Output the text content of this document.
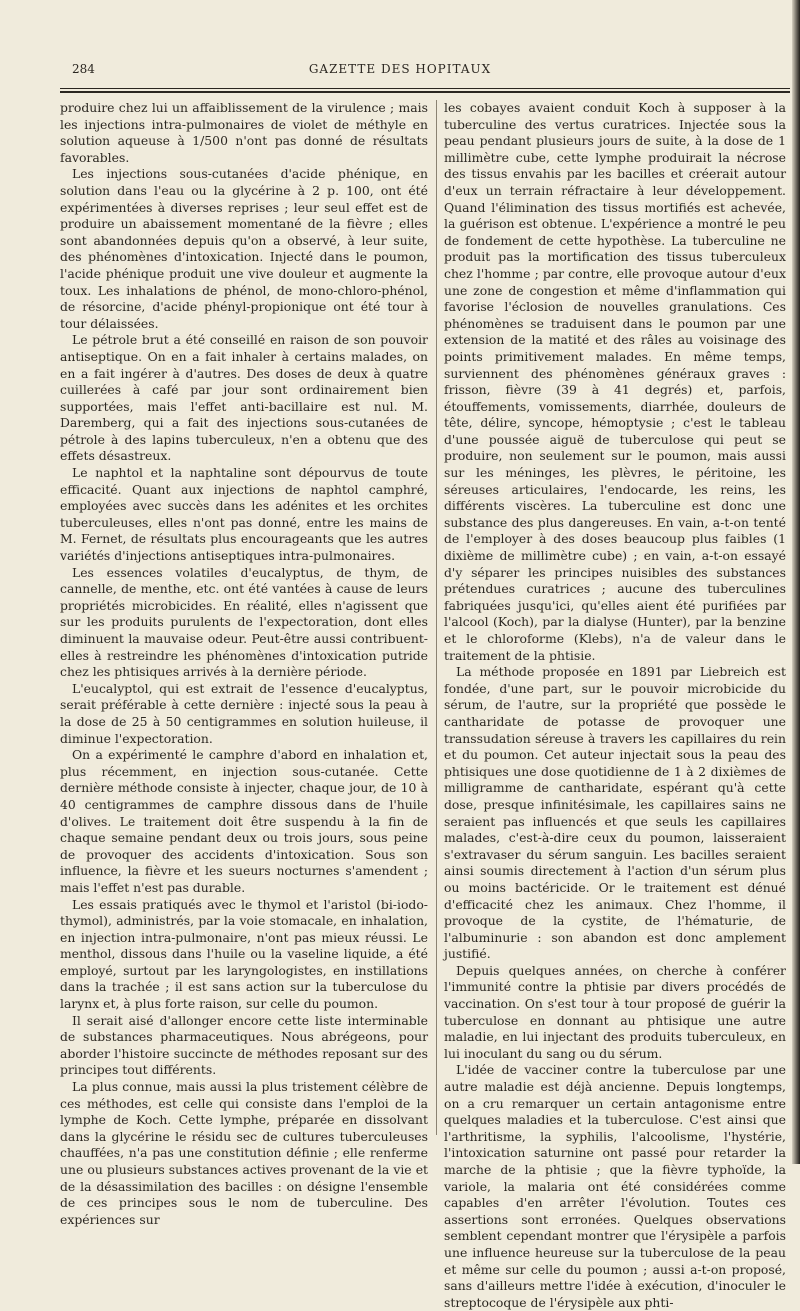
284	GAZETTE DES HOPITAUX

produire chez lui un affaiblissement de la virulence ; mais les injections intra-pulmonaires de violet de méthyle en solution aqueuse à 1/500 n'ont pas donné de résultats favorables.

Les injections sous-cutanées d'acide phénique, en solution dans l'eau ou la glycérine à 2 p. 100, ont été expérimentées à diverses reprises ; leur seul effet est de produire un abaissement momentané de la fièvre ; elles sont abandonnées depuis qu'on a observé, à leur suite, des phénomènes d'intoxication. Injecté dans le poumon, l'acide phénique produit une vive douleur et augmente la toux. Les inhalations de phénol, de mono-chloro-phénol, de résorcine, d'acide phényl-propionique ont été tour à tour délaissées.

Le pétrole brut a été conseillé en raison de son pouvoir antiseptique. On en a fait inhaler à certains malades, on en a fait ingérer à d'autres. Des doses de deux à quatre cuillerées à café par jour sont ordinairement bien supportées, mais l'effet anti-bacillaire est nul. M. Daremberg, qui a fait des injections sous-cutanées de pétrole à des lapins tuberculeux, n'en a obtenu que des effets désastreux.

Le naphtol et la naphtaline sont dépourvus de toute efficacité. Quant aux injections de naphtol camphré, employées avec succès dans les adénites et les orchites tuberculeuses, elles n'ont pas donné, entre les mains de M. Fernet, de résultats plus encourageants que les autres variétés d'injections antiseptiques intra-pulmonaires.

Les essences volatiles d'eucalyptus, de thym, de cannelle, de menthe, etc. ont été vantées à cause de leurs propriétés microbicides. En réalité, elles n'agissent que sur les produits purulents de l'expectoration, dont elles diminuent la mauvaise odeur. Peut-être aussi contribuent-elles à restreindre les phénomènes d'intoxication putride chez les phtisiques arrivés à la dernière période.

L'eucalyptol, qui est extrait de l'essence d'eucalyptus, serait préférable à cette dernière : injecté sous la peau à la dose de 25 à 50 centigrammes en solution huileuse, il diminue l'expectoration.

On a expérimenté le camphre d'abord en inhalation et, plus récemment, en injection sous-cutanée. Cette dernière méthode consiste à injecter, chaque jour, de 10 à 40 centigrammes de camphre dissous dans de l'huile d'olives. Le traitement doit être suspendu à la fin de chaque semaine pendant deux ou trois jours, sous peine de provoquer des accidents d'intoxication. Sous son influence, la fièvre et les sueurs nocturnes s'amendent ; mais l'effet n'est pas durable.

Les essais pratiqués avec le thymol et l'aristol (bi-iodo-thymol), administrés, par la voie stomacale, en inhalation, en injection intra-pulmonaire, n'ont pas mieux réussi. Le menthol, dissous dans l'huile ou la vaseline liquide, a été employé, surtout par les laryngologistes, en instillations dans la trachée ; il est sans action sur la tuberculose du larynx et, à plus forte raison, sur celle du poumon.

Il serait aisé d'allonger encore cette liste interminable de substances pharmaceutiques. Nous abrégeons, pour aborder l'histoire succincte de méthodes reposant sur des principes tout différents.

La plus connue, mais aussi la plus tristement célèbre de ces méthodes, est celle qui consiste dans l'emploi de la lymphe de Koch. Cette lymphe, préparée en dissolvant dans la glycérine le résidu sec de cultures tuberculeuses chauffées, n'a pas une constitution définie ; elle renferme une ou plusieurs substances actives provenant de la vie et de la désassimilation des bacilles : on désigne l'ensemble de ces principes sous le nom de tuberculine. Des expériences sur

les cobayes avaient conduit Koch à supposer à la tuberculine des vertus curatrices. Injectée sous la peau pendant plusieurs jours de suite, à la dose de 1 millimètre cube, cette lymphe produirait la nécrose des tissus envahis par les bacilles et créerait autour d'eux un terrain réfractaire à leur développement. Quand l'élimination des tissus mortifiés est achevée, la guérison est obtenue. L'expérience a montré le peu de fondement de cette hypothèse. La tuberculine ne produit pas la mortification des tissus tuberculeux chez l'homme ; par contre, elle provoque autour d'eux une zone de congestion et même d'inflammation qui favorise l'éclosion de nouvelles granulations. Ces phénomènes se traduisent dans le poumon par une extension de la matité et des râles au voisinage des points primitivement malades. En même temps, surviennent des phénomènes généraux graves : frisson, fièvre (39 à 41 degrés) et, parfois, étouffements, vomissements, diarrhée, douleurs de tête, délire, syncope, hémoptysie ; c'est le tableau d'une poussée aiguë de tuberculose qui peut se produire, non seulement sur le poumon, mais aussi sur les méninges, les plèvres, le péritoine, les séreuses articulaires, l'endocarde, les reins, les différents viscères. La tuberculine est donc une substance des plus dangereuses. En vain, a-t-on tenté de l'employer à des doses beaucoup plus faibles (1 dixième de millimètre cube) ; en vain, a-t-on essayé d'y séparer les principes nuisibles des substances prétendues curatrices ; aucune des tuberculines fabriquées jusqu'ici, qu'elles aient été purifiées par l'alcool (Koch), par la dialyse (Hunter), par la benzine et le chloroforme (Klebs), n'a de valeur dans le traitement de la phtisie.

La méthode proposée en 1891 par Liebreich est fondée, d'une part, sur le pouvoir microbicide du sérum, de l'autre, sur la propriété que possède le cantharidate de potasse de provoquer une transsudation séreuse à travers les capillaires du rein et du poumon. Cet auteur injectait sous la peau des phtisiques une dose quotidienne de 1 à 2 dixièmes de milligramme de cantharidate, espérant qu'à cette dose, presque infinitésimale, les capillaires sains ne seraient pas influencés et que seuls les capillaires malades, c'est-à-dire ceux du poumon, laisseraient s'extravaser du sérum sanguin. Les bacilles seraient ainsi soumis directement à l'action d'un sérum plus ou moins bactéricide. Or le traitement est dénué d'efficacité chez les animaux. Chez l'homme, il provoque de la cystite, de l'hématurie, de l'albuminurie : son abandon est donc amplement justifié.

Depuis quelques années, on cherche à conférer l'immunité contre la phtisie par divers procédés de vaccination. On s'est tour à tour proposé de guérir la tuberculose en donnant au phtisique une autre maladie, en lui injectant des produits tuberculeux, en lui inoculant du sang ou du sérum.

L'idée de vacciner contre la tuberculose par une autre maladie est déjà ancienne. Depuis longtemps, on a cru remarquer un certain antagonisme entre quelques maladies et la tuberculose. C'est ainsi que l'arthritisme, la syphilis, l'alcoolisme, l'hystérie, l'intoxication saturnine ont passé pour retarder la marche de la phtisie ; que la fièvre typhoïde, la variole, la malaria ont été considérées comme capables d'en arrêter l'évolution. Toutes ces assertions sont erronées. Quelques observations semblent cependant montrer que l'érysipèle a parfois une influence heureuse sur la tuberculose de la peau et même sur celle du poumon ; aussi a-t-on proposé, sans d'ailleurs mettre l'idée à exécution, d'inoculer le streptocoque de l'érysipèle aux phti-
